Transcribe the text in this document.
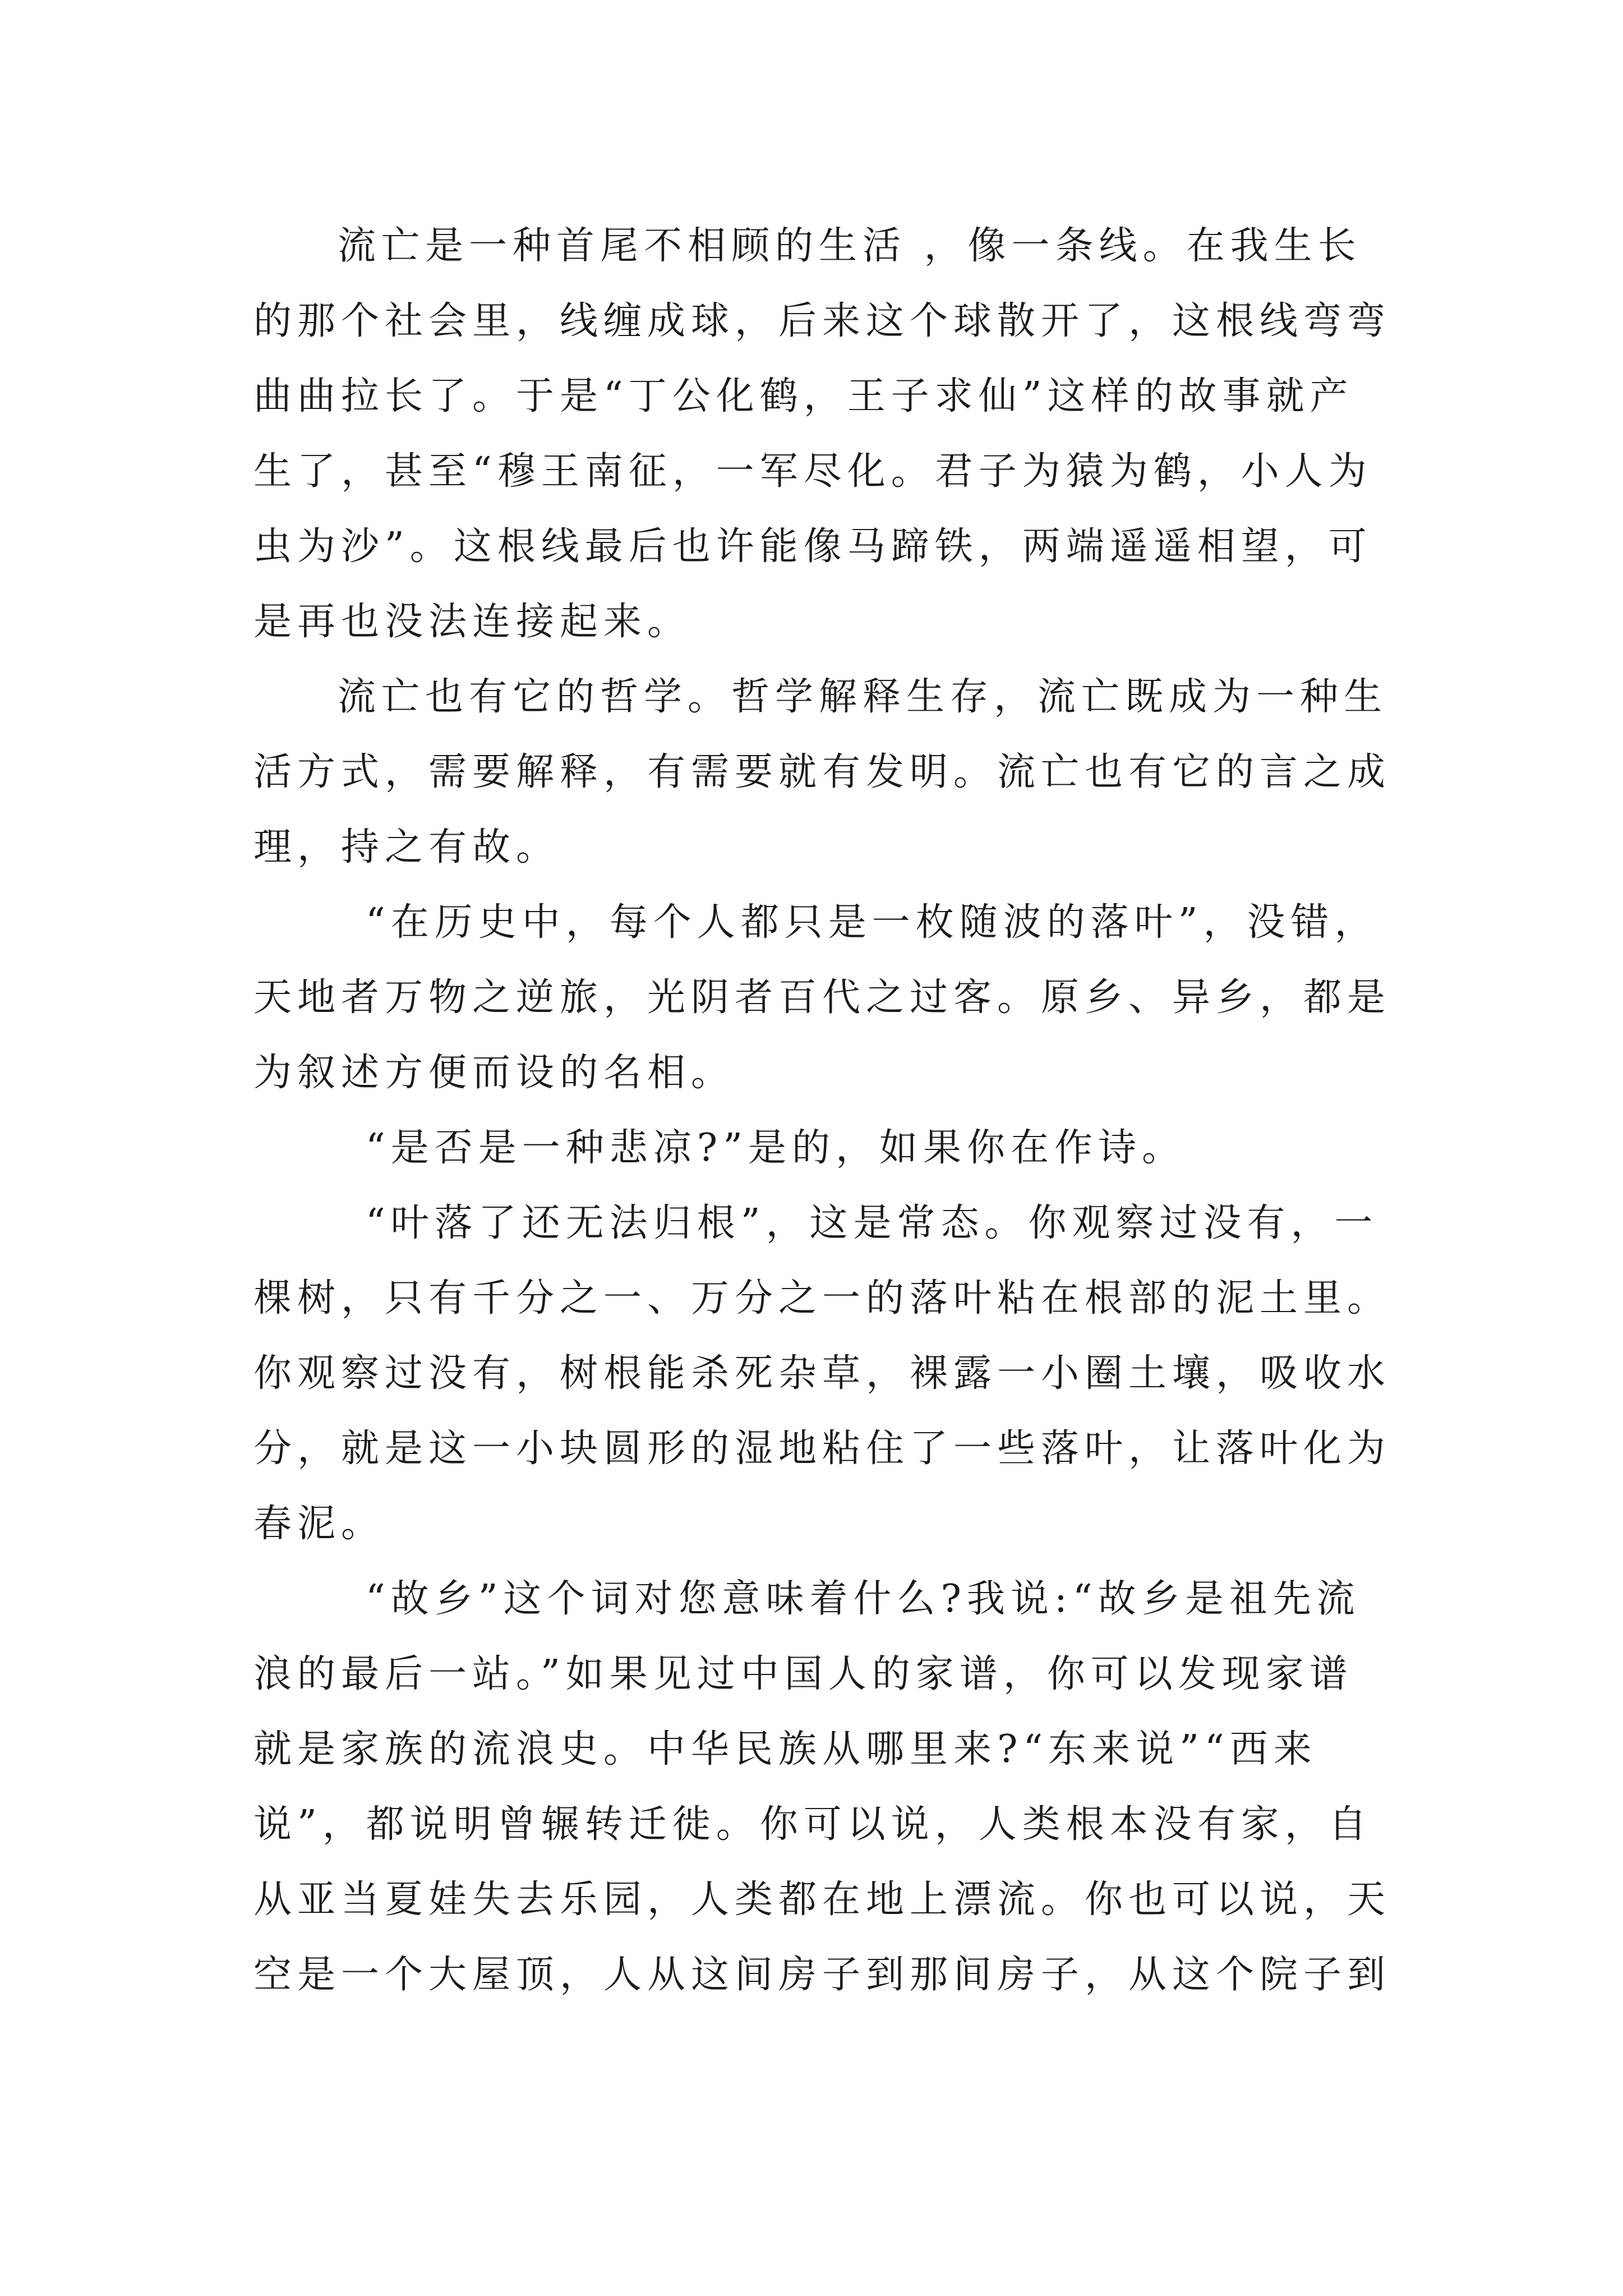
流亡是一种首尾不相顾的生活 ，像一条线。在我生长
的那个社会里，线缠成球，后来这个球散开了，这根线弯弯
曲曲拉长了。于是“丁公化鹤，王子求仙”这样的故事就产
生了，甚至“穆王南征，一军尽化。君子为猿为鹤，小人为
虫为沙”。这根线最后也许能像马蹄铁，两端遥遥相望，可
是再也没法连接起来。
流亡也有它的哲学。哲学解释生存，流亡既成为一种生
活方式，需要解释，有需要就有发明。流亡也有它的言之成
理，持之有故。
“在历史中，每个人都只是一枚随波的落叶”，没错，
天地者万物之逆旅，光阴者百代之过客。原乡、异乡，都是
为叙述方便而设的名相。
“是否是一种悲凉?”是的，如果你在作诗。
“叶落了还无法归根”，这是常态。你观察过没有，一
棵树，只有千分之一、万分之一的落叶粘在根部的泥土里。
你观察过没有，树根能杀死杂草，裸露一小圈土壤，吸收水
分，就是这一小块圆形的湿地粘住了一些落叶，让落叶化为
春泥。
“故乡”这个词对您意味着什么?我说:“故乡是祖先流
浪的最后一站。”如果见过中国人的家谱，你可以发现家谱
就是家族的流浪史。中华民族从哪里来?“东来说”“西来
说”，都说明曾辗转迁徙。你可以说，人类根本没有家，自
从亚当夏娃失去乐园，人类都在地上漂流。你也可以说，天
空是一个大屋顶，人从这间房子到那间房子，从这个院子到
